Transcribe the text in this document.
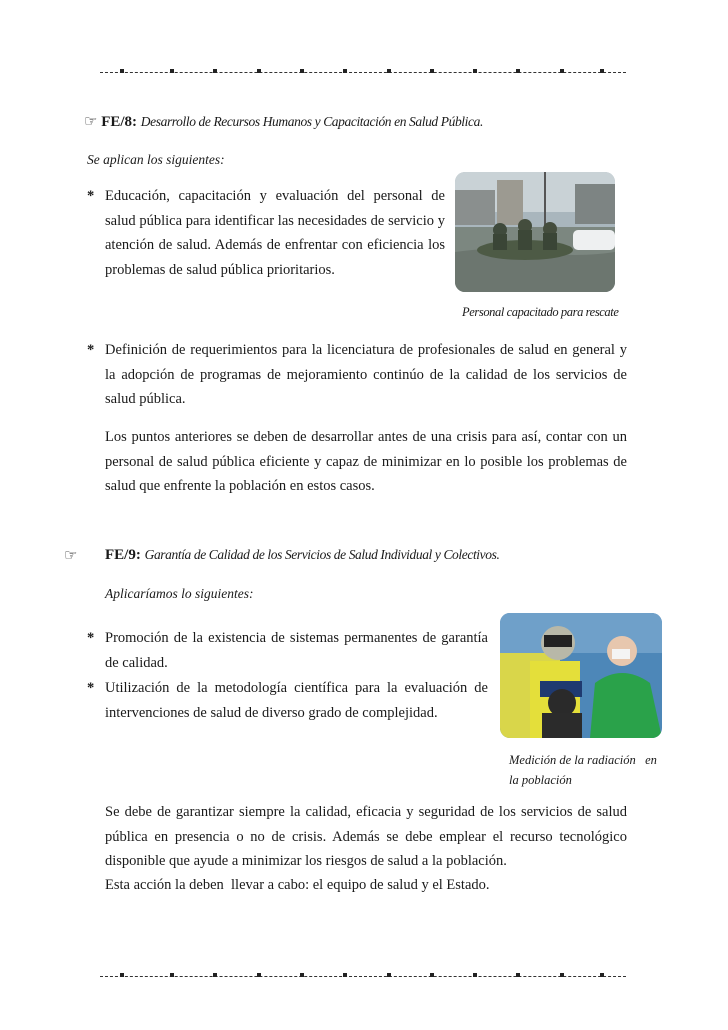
☞ FE/8: Desarrollo de Recursos Humanos y Capacitación en Salud Pública.
Se aplican los siguientes:
* Educación, capacitación y evaluación del personal de salud pública para identificar las necesidades de servicio y atención de salud. Además de enfrentar con eficiencia los problemas de salud pública prioritarios.
Personal capacitado para rescate
* Definición de requerimientos para la licenciatura de profesionales de salud en general y la adopción de programas de mejoramiento continúo de la calidad de los servicios de salud pública.
Los puntos anteriores se deben de desarrollar antes de una crisis para así, contar con un personal de salud pública eficiente y capaz de minimizar en lo posible los problemas de salud que enfrente la población en estos casos.
☞ FE/9: Garantía de Calidad de los Servicios de Salud Individual y Colectivos.
Aplicaríamos lo siguientes:
* Promoción de la existencia de sistemas permanentes de garantía de calidad.
* Utilización de la metodología científica para la evaluación de intervenciones de salud de diverso grado de complejidad.
Medición de la radiación   en la población
Se debe de garantizar siempre la calidad, eficacia y seguridad de los servicios de salud pública en presencia o no de crisis. Además se debe emplear el recurso tecnológico disponible que ayude a minimizar los riesgos de salud a la población.
Esta acción la deben  llevar a cabo: el equipo de salud y el Estado.
